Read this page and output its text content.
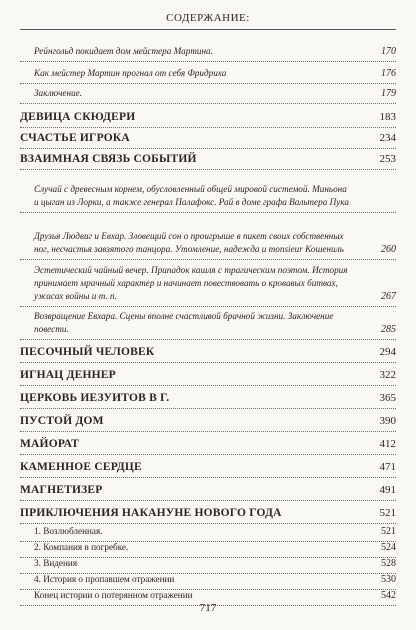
СОДЕРЖАНИЕ:
Рейнгольд покидает дом мейстера Мартина.	170
Как мейстер Мартин прогнал от себя Фридриха	176
Заключение.	179
ДЕВИЦА СКЮДЕРИ	183
СЧАСТЬЕ ИГРОКА	234
ВЗАИМНАЯ СВЯЗЬ СОБЫТИЙ	253
Случай с древесным корнем, обусловленный общей мировой системой. Миньона и цыган из Лорки, а также генерал Палафокс. Рай в доме графа Вальтера Пука
Друзья Людвиг и Евхар. Зловещий сон о проигрыше в пикет своих собственных ног, несчастья завзятого танцора. Утомление, надежда и monsieur Кошениль	260
Эстетический чайный вечер. Припадок кашля с трагическим поэтом. История принимает мрачный характер и начинает повествовать о кровавых битвах, ужасах войны и т. п.	267
Возвращение Евхара. Сцены вполне счастливой брачной жизни. Заключение повести.	285
ПЕСОЧНЫЙ ЧЕЛОВЕК	294
ИГНАЦ ДЕННЕР	322
ЦЕРКОВЬ ИЕЗУИТОВ В Г.	365
ПУСТОЙ ДОМ	390
МАЙОРАТ	412
КАМЕННОЕ СЕРДЦЕ	471
МАГНЕТИЗЕР	491
ПРИКЛЮЧЕНИЯ НАКАНУНЕ НОВОГО ГОДА	521
1. Возлюбленная.	521
2. Компания в погребке.	524
3. Видения	528
4. История о пропавшем отражении	530
Конец истории о потерянном отражении	542
717
